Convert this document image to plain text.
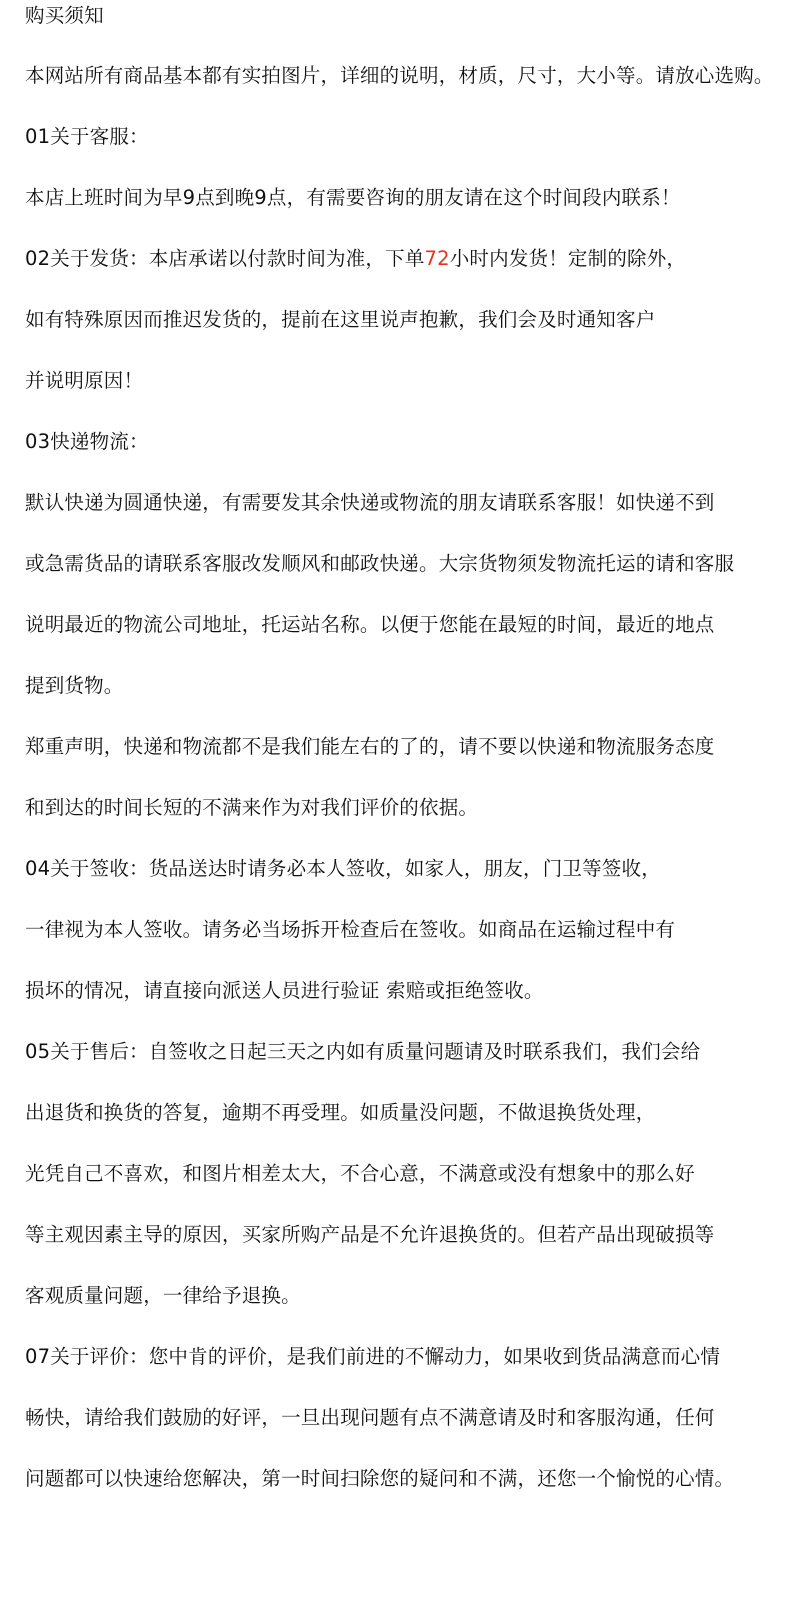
购买须知
本网站所有商品基本都有实拍图片，详细的说明，材质，尺寸，大小等。请放心选购。
01关于客服：
本店上班时间为早9点到晚9点，有需要咨询的朋友请在这个时间段内联系！
02关于发货：本店承诺以付款时间为准，下单72小时内发货！定制的除外，
如有特殊原因而推迟发货的，提前在这里说声抱歉，我们会及时通知客户
并说明原因！
03快递物流：
默认快递为圆通快递，有需要发其余快递或物流的朋友请联系客服！如快递不到
或急需货品的请联系客服改发顺风和邮政快递。大宗货物须发物流托运的请和客服
说明最近的物流公司地址，托运站名称。以便于您能在最短的时间，最近的地点
提到货物。
郑重声明，快递和物流都不是我们能左右的了的，请不要以快递和物流服务态度
和到达的时间长短的不满来作为对我们评价的依据。
04关于签收：货品送达时请务必本人签收，如家人，朋友，门卫等签收，
一律视为本人签收。请务必当场拆开检查后在签收。如商品在运输过程中有
损坏的情况，请直接向派送人员进行验证 索赔或拒绝签收。
05关于售后：自签收之日起三天之内如有质量问题请及时联系我们，我们会给
出退货和换货的答复，逾期不再受理。如质量没问题，不做退换货处理，
光凭自己不喜欢，和图片相差太大，不合心意，不满意或没有想象中的那么好
等主观因素主导的原因，买家所购产品是不允许退换货的。但若产品出现破损等
客观质量问题，一律给予退换。
07关于评价：您中肯的评价，是我们前进的不懈动力，如果收到货品满意而心情
畅快，请给我们鼓励的好评，一旦出现问题有点不满意请及时和客服沟通，任何
问题都可以快速给您解决，第一时间扫除您的疑问和不满，还您一个愉悦的心情。
